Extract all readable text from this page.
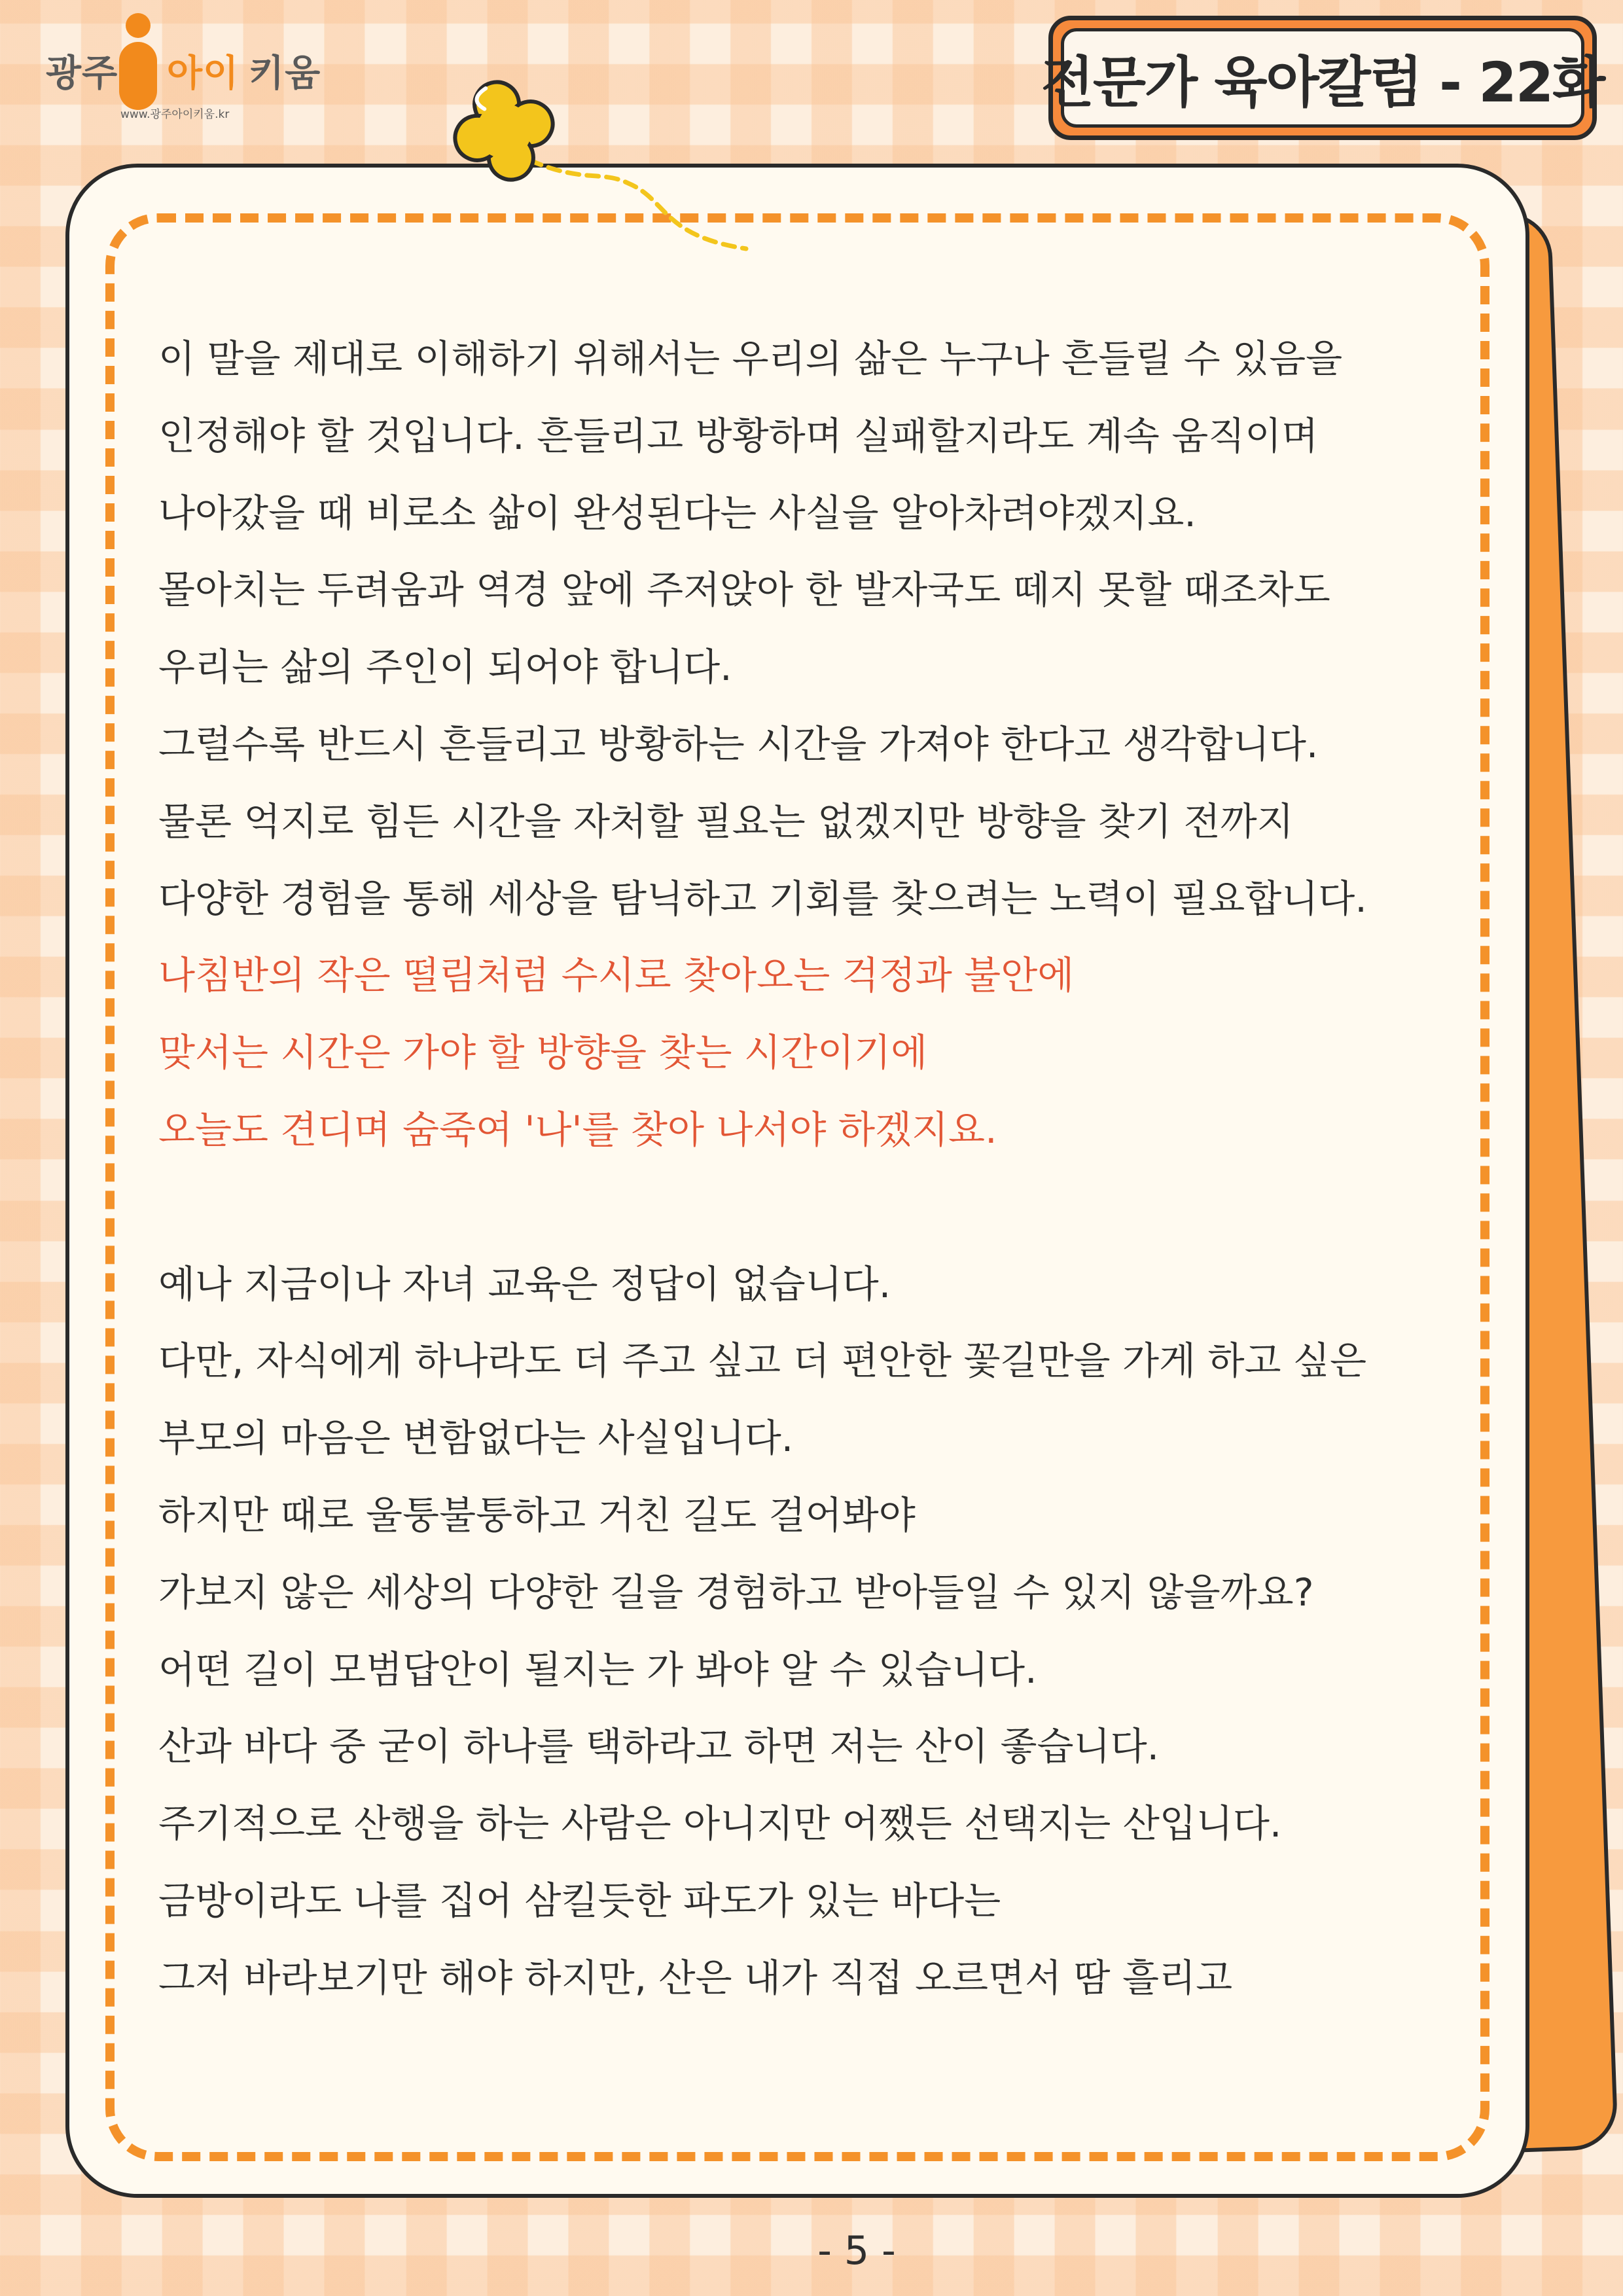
광주 아이 키움
www.광주아이키움.kr
전문가 육아칼럼 - 22화
- 5 -
이 말을 제대로 이해하기 위해서는 우리의 삶은 누구나 흔들릴 수 있음을
인정해야 할 것입니다. 흔들리고 방황하며 실패할지라도 계속 움직이며
나아갔을 때 비로소 삶이 완성된다는 사실을 알아차려야겠지요.
몰아치는 두려움과 역경 앞에 주저앉아 한 발자국도 떼지 못할 때조차도
우리는 삶의 주인이 되어야 합니다.
그럴수록 반드시 흔들리고 방황하는 시간을 가져야 한다고 생각합니다.
물론 억지로 힘든 시간을 자처할 필요는 없겠지만 방향을 찾기 전까지
다양한 경험을 통해 세상을 탐닉하고 기회를 찾으려는 노력이 필요합니다.
나침반의 작은 떨림처럼 수시로 찾아오는 걱정과 불안에
맞서는 시간은 가야 할 방향을 찾는 시간이기에
오늘도 견디며 숨죽여 '나'를 찾아 나서야 하겠지요.
예나 지금이나 자녀 교육은 정답이 없습니다.
다만, 자식에게 하나라도 더 주고 싶고 더 편안한 꽃길만을 가게 하고 싶은
부모의 마음은 변함없다는 사실입니다.
하지만 때로 울퉁불퉁하고 거친 길도 걸어봐야
가보지 않은 세상의 다양한 길을 경험하고 받아들일 수 있지 않을까요?
어떤 길이 모범답안이 될지는 가 봐야 알 수 있습니다.
산과 바다 중 굳이 하나를 택하라고 하면 저는 산이 좋습니다.
주기적으로 산행을 하는 사람은 아니지만 어쨌든 선택지는 산입니다.
금방이라도 나를 집어 삼킬듯한 파도가 있는 바다는
그저 바라보기만 해야 하지만, 산은 내가 직접 오르면서 땀 흘리고
